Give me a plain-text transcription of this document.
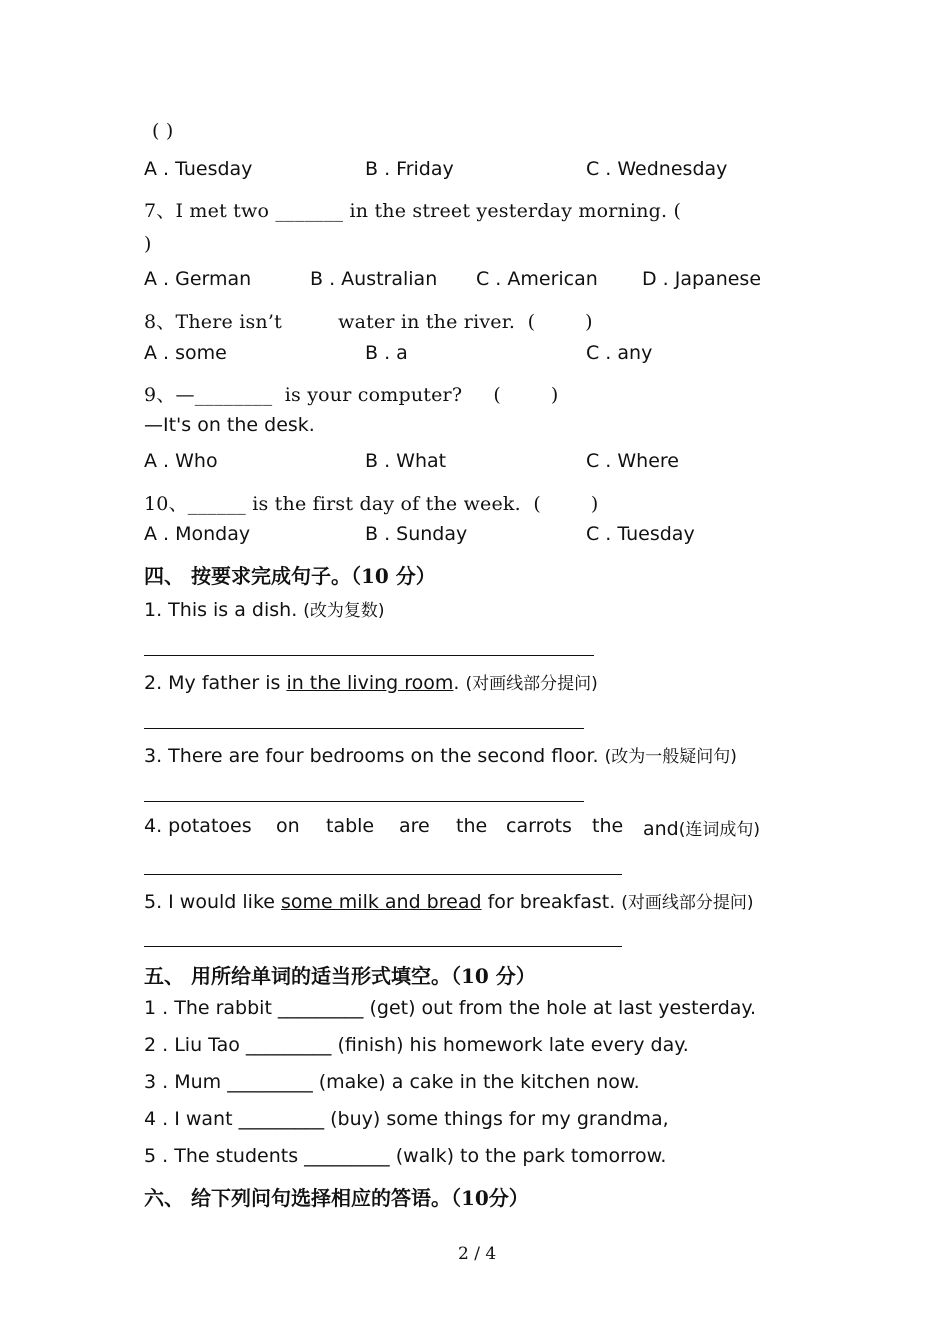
( )
A . Tuesday	B . Friday	C . Wednesday
7、I met two _______ in the street yesterday morning. (
)
A . German	B . Australian C . American D . Japanese
8、There isn’t         water in the river.  (        )
A . some	B . a	C . any
9、—________  is your computer?     (        )
—It's on the desk.
A . Who	B . What	C . Where
10、______ is the first day of the week.  (        )
A . Monday	B . Sunday	C . Tuesday
四、 按要求完成句子。（10 分）
1. This is a dish. (改为复数)
2. My father is in the living room. (对画线部分提问)
3. There are four bedrooms on the second floor. (改为一般疑问句)
4. potatoes on table are the carrots the and(连词成句)
5. I would like some milk and bread for breakfast. (对画线部分提问)
五、 用所给单词的适当形式填空。（10 分）
1 . The rabbit _________ (get) out from the hole at last yesterday.
2 . Liu Tao _________ (finish) his homework late every day.
3 . Mum _________ (make) a cake in the kitchen now.
4 . I want _________ (buy) some things for my grandma,
5 . The students _________ (walk) to the park tomorrow.
六、 给下列问句选择相应的答语。（10分）
2 / 4
